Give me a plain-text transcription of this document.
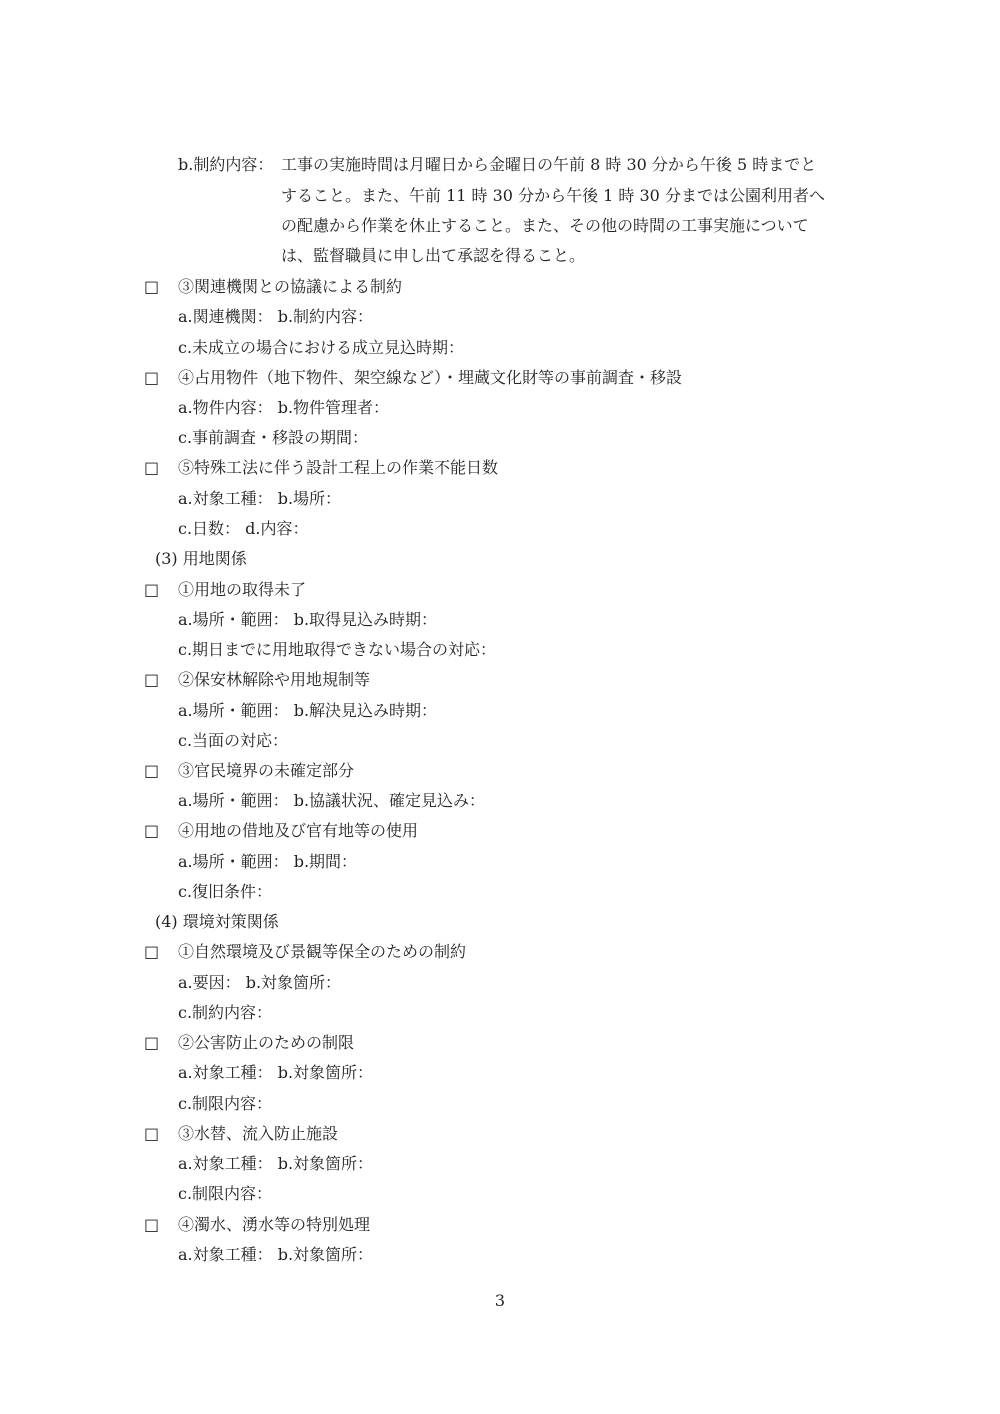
b.制約内容： 工事の実施時間は月曜日から金曜日の午前 8 時 30 分から午後 5 時までと
すること。また、午前 11 時 30 分から午後 1 時 30 分までは公園利用者へ
の配慮から作業を休止すること。また、その他の時間の工事実施について
は、監督職員に申し出て承認を得ること。
□ ③関連機関との協議による制約
a.関連機関： b.制約内容：
c.未成立の場合における成立見込時期：
□ ④占用物件（地下物件、架空線など）・埋蔵文化財等の事前調査・移設
a.物件内容： b.物件管理者：
c.事前調査・移設の期間：
□ ⑤特殊工法に伴う設計工程上の作業不能日数
a.対象工種： b.場所：
c.日数： d.内容：
(3) 用地関係
□ ①用地の取得未了
a.場所・範囲： b.取得見込み時期：
c.期日までに用地取得できない場合の対応：
□ ②保安林解除や用地規制等
a.場所・範囲： b.解決見込み時期：
c.当面の対応：
□ ③官民境界の未確定部分
a.場所・範囲： b.協議状況、確定見込み：
□ ④用地の借地及び官有地等の使用
a.場所・範囲： b.期間：
c.復旧条件：
(4) 環境対策関係
□ ①自然環境及び景観等保全のための制約
a.要因： b.対象箇所：
c.制約内容：
□ ②公害防止のための制限
a.対象工種： b.対象箇所：
c.制限内容：
□ ③水替、流入防止施設
a.対象工種： b.対象箇所：
c.制限内容：
□ ④濁水、湧水等の特別処理
a.対象工種： b.対象箇所：
3
